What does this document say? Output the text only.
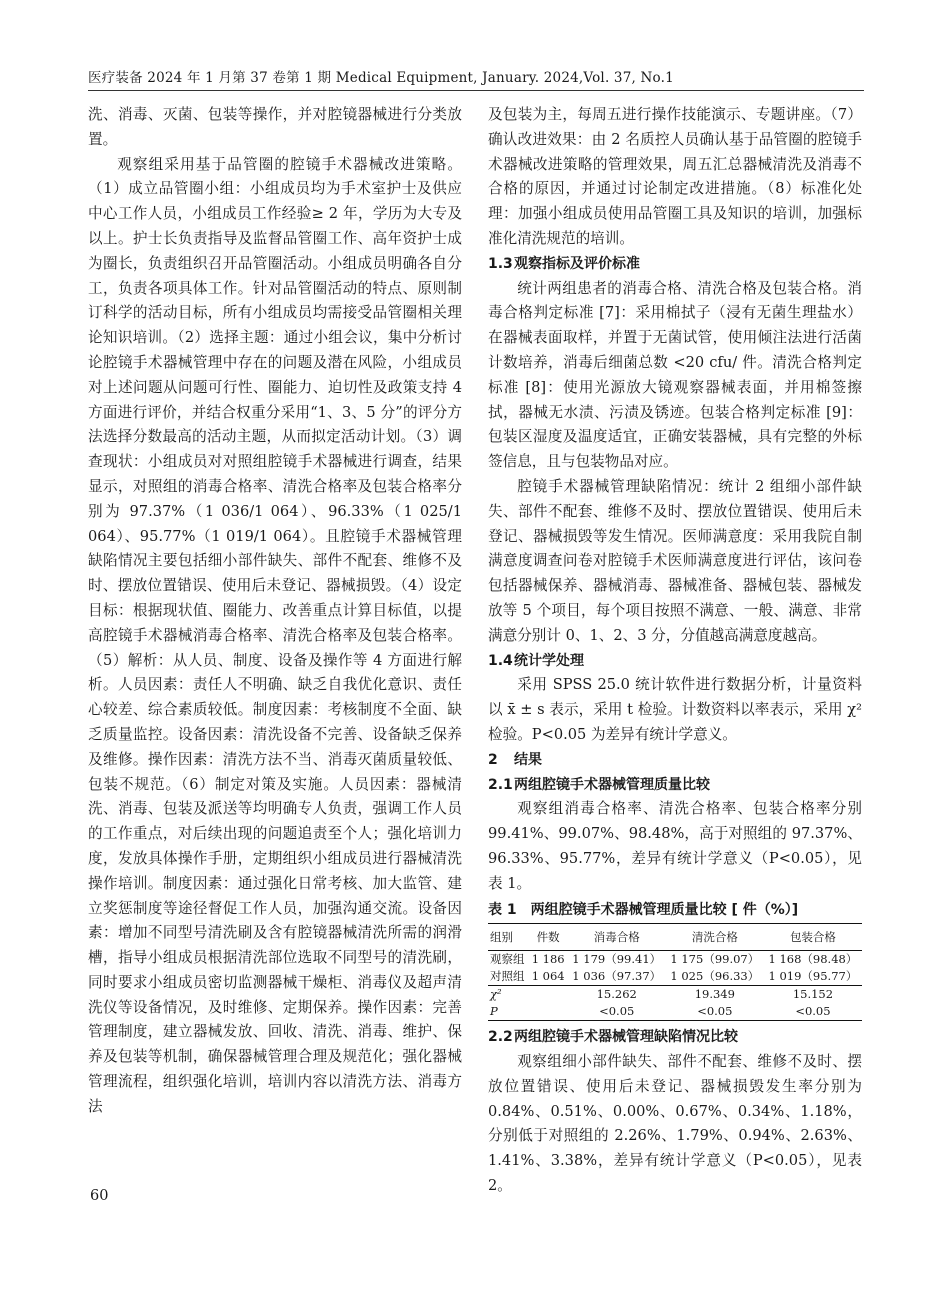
医疗装备 2024 年 1 月第 37 卷第 1 期 Medical Equipment, January. 2024,Vol. 37, No.1

洗、消毒、灭菌、包装等操作，并对腔镜器械进行分类放置。

观察组采用基于品管圈的腔镜手术器械改进策略。（1）成立品管圈小组：小组成员均为手术室护士及供应中心工作人员，小组成员工作经验≥ 2 年，学历为大专及以上。护士长负责指导及监督品管圈工作、高年资护士成为圈长，负责组织召开品管圈活动。小组成员明确各自分工，负责各项具体工作。针对品管圈活动的特点、原则制订科学的活动目标，所有小组成员均需接受品管圈相关理论知识培训。（2）选择主题：通过小组会议，集中分析讨论腔镜手术器械管理中存在的问题及潜在风险，小组成员对上述问题从问题可行性、圈能力、迫切性及政策支持 4 方面进行评价，并结合权重分采用“1、3、5 分”的评分方法选择分数最高的活动主题，从而拟定活动计划。（3）调查现状：小组成员对对照组腔镜手术器械进行调查，结果显示，对照组的消毒合格率、清洗合格率及包装合格率分别为 97.37%（1 036/1 064）、96.33%（1 025/1 064）、95.77%（1 019/1 064）。且腔镜手术器械管理缺陷情况主要包括细小部件缺失、部件不配套、维修不及时、摆放位置错误、使用后未登记、器械损毁。（4）设定目标：根据现状值、圈能力、改善重点计算目标值，以提高腔镜手术器械消毒合格率、清洗合格率及包装合格率。（5）解析：从人员、制度、设备及操作等 4 方面进行解析。人员因素：责任人不明确、缺乏自我优化意识、责任心较差、综合素质较低。制度因素：考核制度不全面、缺乏质量监控。设备因素：清洗设备不完善、设备缺乏保养及维修。操作因素：清洗方法不当、消毒灭菌质量较低、包装不规范。（6）制定对策及实施。人员因素：器械清洗、消毒、包装及派送等均明确专人负责，强调工作人员的工作重点，对后续出现的问题追责至个人；强化培训力度，发放具体操作手册，定期组织小组成员进行器械清洗操作培训。制度因素：通过强化日常考核、加大监管、建立奖惩制度等途径督促工作人员，加强沟通交流。设备因素：增加不同型号清洗刷及含有腔镜器械清洗所需的润滑槽，指导小组成员根据清洗部位选取不同型号的清洗刷，同时要求小组成员密切监测器械干燥柜、消毒仪及超声清洗仪等设备情况，及时维修、定期保养。操作因素：完善管理制度，建立器械发放、回收、清洗、消毒、维护、保养及包装等机制，确保器械管理合理及规范化；强化器械管理流程，组织强化培训，培训内容以清洗方法、消毒方法

及包装为主，每周五进行操作技能演示、专题讲座。（7）确认改进效果：由 2 名质控人员确认基于品管圈的腔镜手术器械改进策略的管理效果，周五汇总器械清洗及消毒不合格的原因，并通过讨论制定改进措施。（8）标准化处理：加强小组成员使用品管圈工具及知识的培训，加强标准化清洗规范的培训。

1.3观察指标及评价标准

统计两组患者的消毒合格、清洗合格及包装合格。消毒合格判定标准 [7]：采用棉拭子（浸有无菌生理盐水）在器械表面取样，并置于无菌试管，使用倾注法进行活菌计数培养，消毒后细菌总数 <20 cfu/ 件。清洗合格判定标准 [8]：使用光源放大镜观察器械表面，并用棉签擦拭，器械无水渍、污渍及锈迹。包装合格判定标准 [9]：包装区湿度及温度适宜，正确安装器械，具有完整的外标签信息，且与包装物品对应。

腔镜手术器械管理缺陷情况：统计 2 组细小部件缺失、部件不配套、维修不及时、摆放位置错误、使用后未登记、器械损毁等发生情况。医师满意度：采用我院自制满意度调查问卷对腔镜手术医师满意度进行评估，该问卷包括器械保养、器械消毒、器械准备、器械包装、器械发放等 5 个项目，每个项目按照不满意、一般、满意、非常满意分别计 0、1、2、3 分，分值越高满意度越高。

1.4统计学处理

采用 SPSS 25.0 统计软件进行数据分析，计量资料以 x̄ ± s 表示，采用 t 检验。计数资料以率表示，采用 χ² 检验。P<0.05 为差异有统计学意义。

2 结果
2.1两组腔镜手术器械管理质量比较

观察组消毒合格率、清洗合格率、包装合格率分别 99.41%、99.07%、98.48%，高于对照组的 97.37%、96.33%、95.77%，差异有统计学意义（P<0.05），见表 1。

表 1　两组腔镜手术器械管理质量比较 [ 件（%）]
组别	件数	消毒合格	清洗合格	包装合格
观察组	1 186	1 179（99.41）	1 175（99.07）	1 168（98.48）
对照组	1 064	1 036（97.37）	1 025（96.33）	1 019（95.77）
χ²		15.262	19.349	15.152
P		<0.05	<0.05	<0.05
2.2两组腔镜手术器械管理缺陷情况比较

观察组细小部件缺失、部件不配套、维修不及时、摆放位置错误、使用后未登记、器械损毁发生率分别为 0.84%、0.51%、0.00%、0.67%、0.34%、1.18%，分别低于对照组的 2.26%、1.79%、0.94%、2.63%、1.41%、3.38%，差异有统计学意义（P<0.05），见表 2。

60
